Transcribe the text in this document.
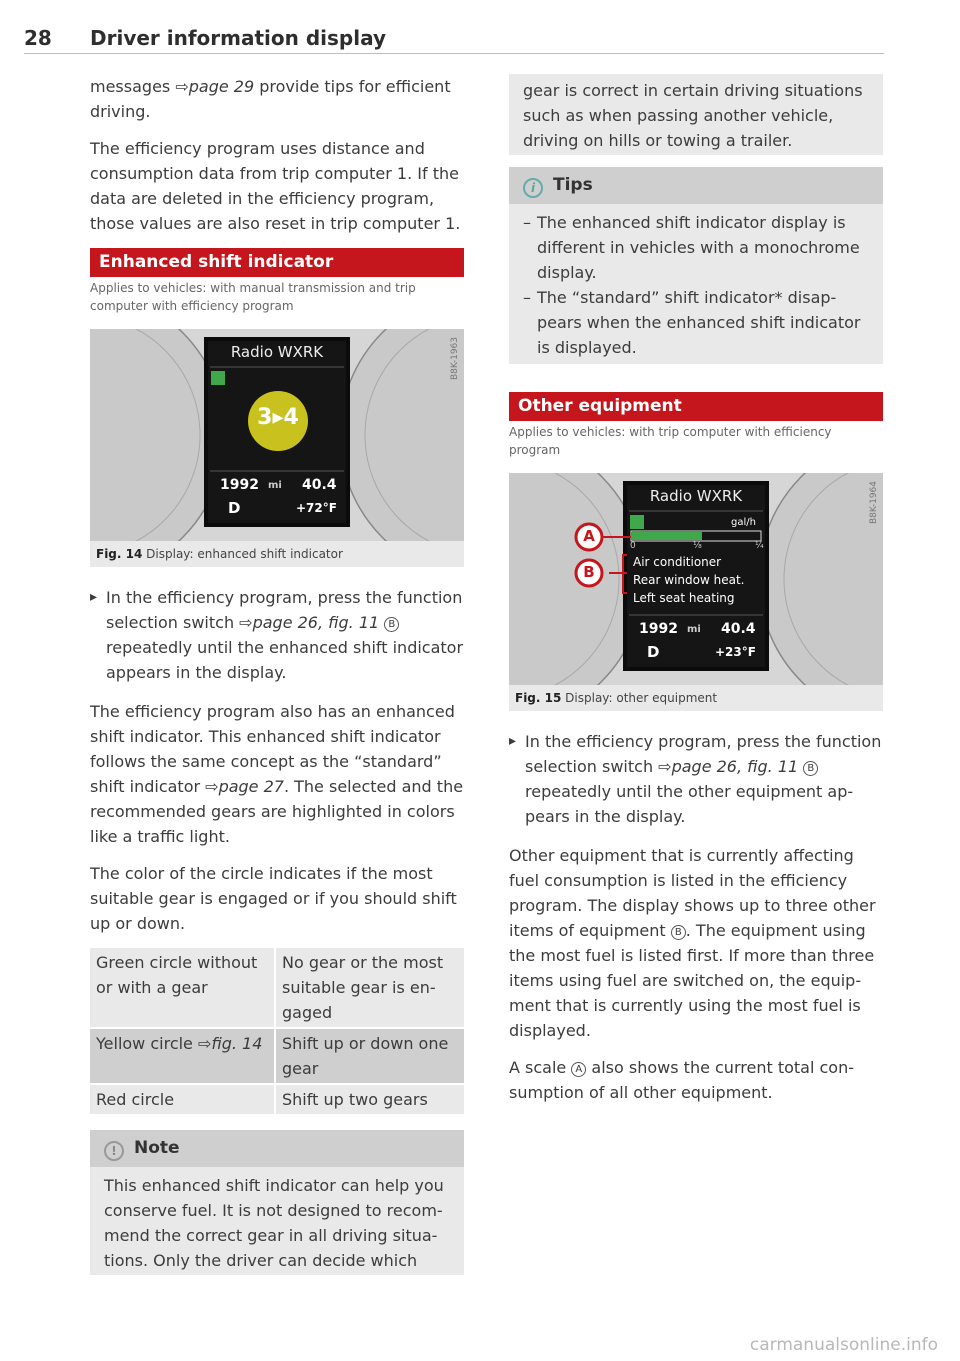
28 Driver information display

messages ⇨page 29 provide tips for efficient driving.

The efficiency program uses distance and consumption data from trip computer 1. If the data are deleted in the efficiency program, those values are also reset in trip computer 1.

Enhanced shift indicator
Applies to vehicles: with manual transmission and trip computer with efficiency program
Radio WXRK
3▸4
1992 mi 40.4
D	+72°F
B8K-1963
Fig. 14 Display: enhanced shift indicator
▸ In the efficiency program, press the function selection switch ⇨page 26, fig. 11 B repeatedly until the enhanced shift indicator appears in the display.

The efficiency program also has an enhanced shift indicator. This enhanced shift indicator follows the same concept as the “standard” shift indicator ⇨page 27. The selected and the recommended gears are highlighted in colors like a traffic light.

The color of the circle indicates if the most suitable gear is engaged or if you should shift up or down.

Green circle without or with a gear	No gear or the most suitable gear is engaged
Yellow circle ⇨fig. 14	Shift up or down one gear
Red circle	Shift up two gears
! Note
This enhanced shift indicator can help you conserve fuel. It is not designed to recommend the correct gear in all driving situations. Only the driver can decide which
gear is correct in certain driving situations such as when passing another vehicle, driving on hills or towing a trailer.
i Tips
– The enhanced shift indicator display is different in vehicles with a monochrome display.
– The “standard” shift indicator* disappears when the enhanced shift indicator is displayed.
Other equipment
Applies to vehicles: with trip computer with efficiency program
Radio WXRK
gal/h
0	⅛	¼
Air conditioner
Rear window heat.
Left seat heating
1992 mi 40.4
D	+23°F
A
B
B8K-1964
Fig. 15 Display: other equipment
▸ In the efficiency program, press the function selection switch ⇨page 26, fig. 11 B repeatedly until the other equipment appears in the display.

Other equipment that is currently affecting fuel consumption is listed in the efficiency program. The display shows up to three other items of equipment B . The equipment using the most fuel is listed first. If more than three items using fuel are switched on, the equipment that is currently using the most fuel is displayed.

A scale A also shows the current total consumption of all other equipment.

carmanualsonline.info
